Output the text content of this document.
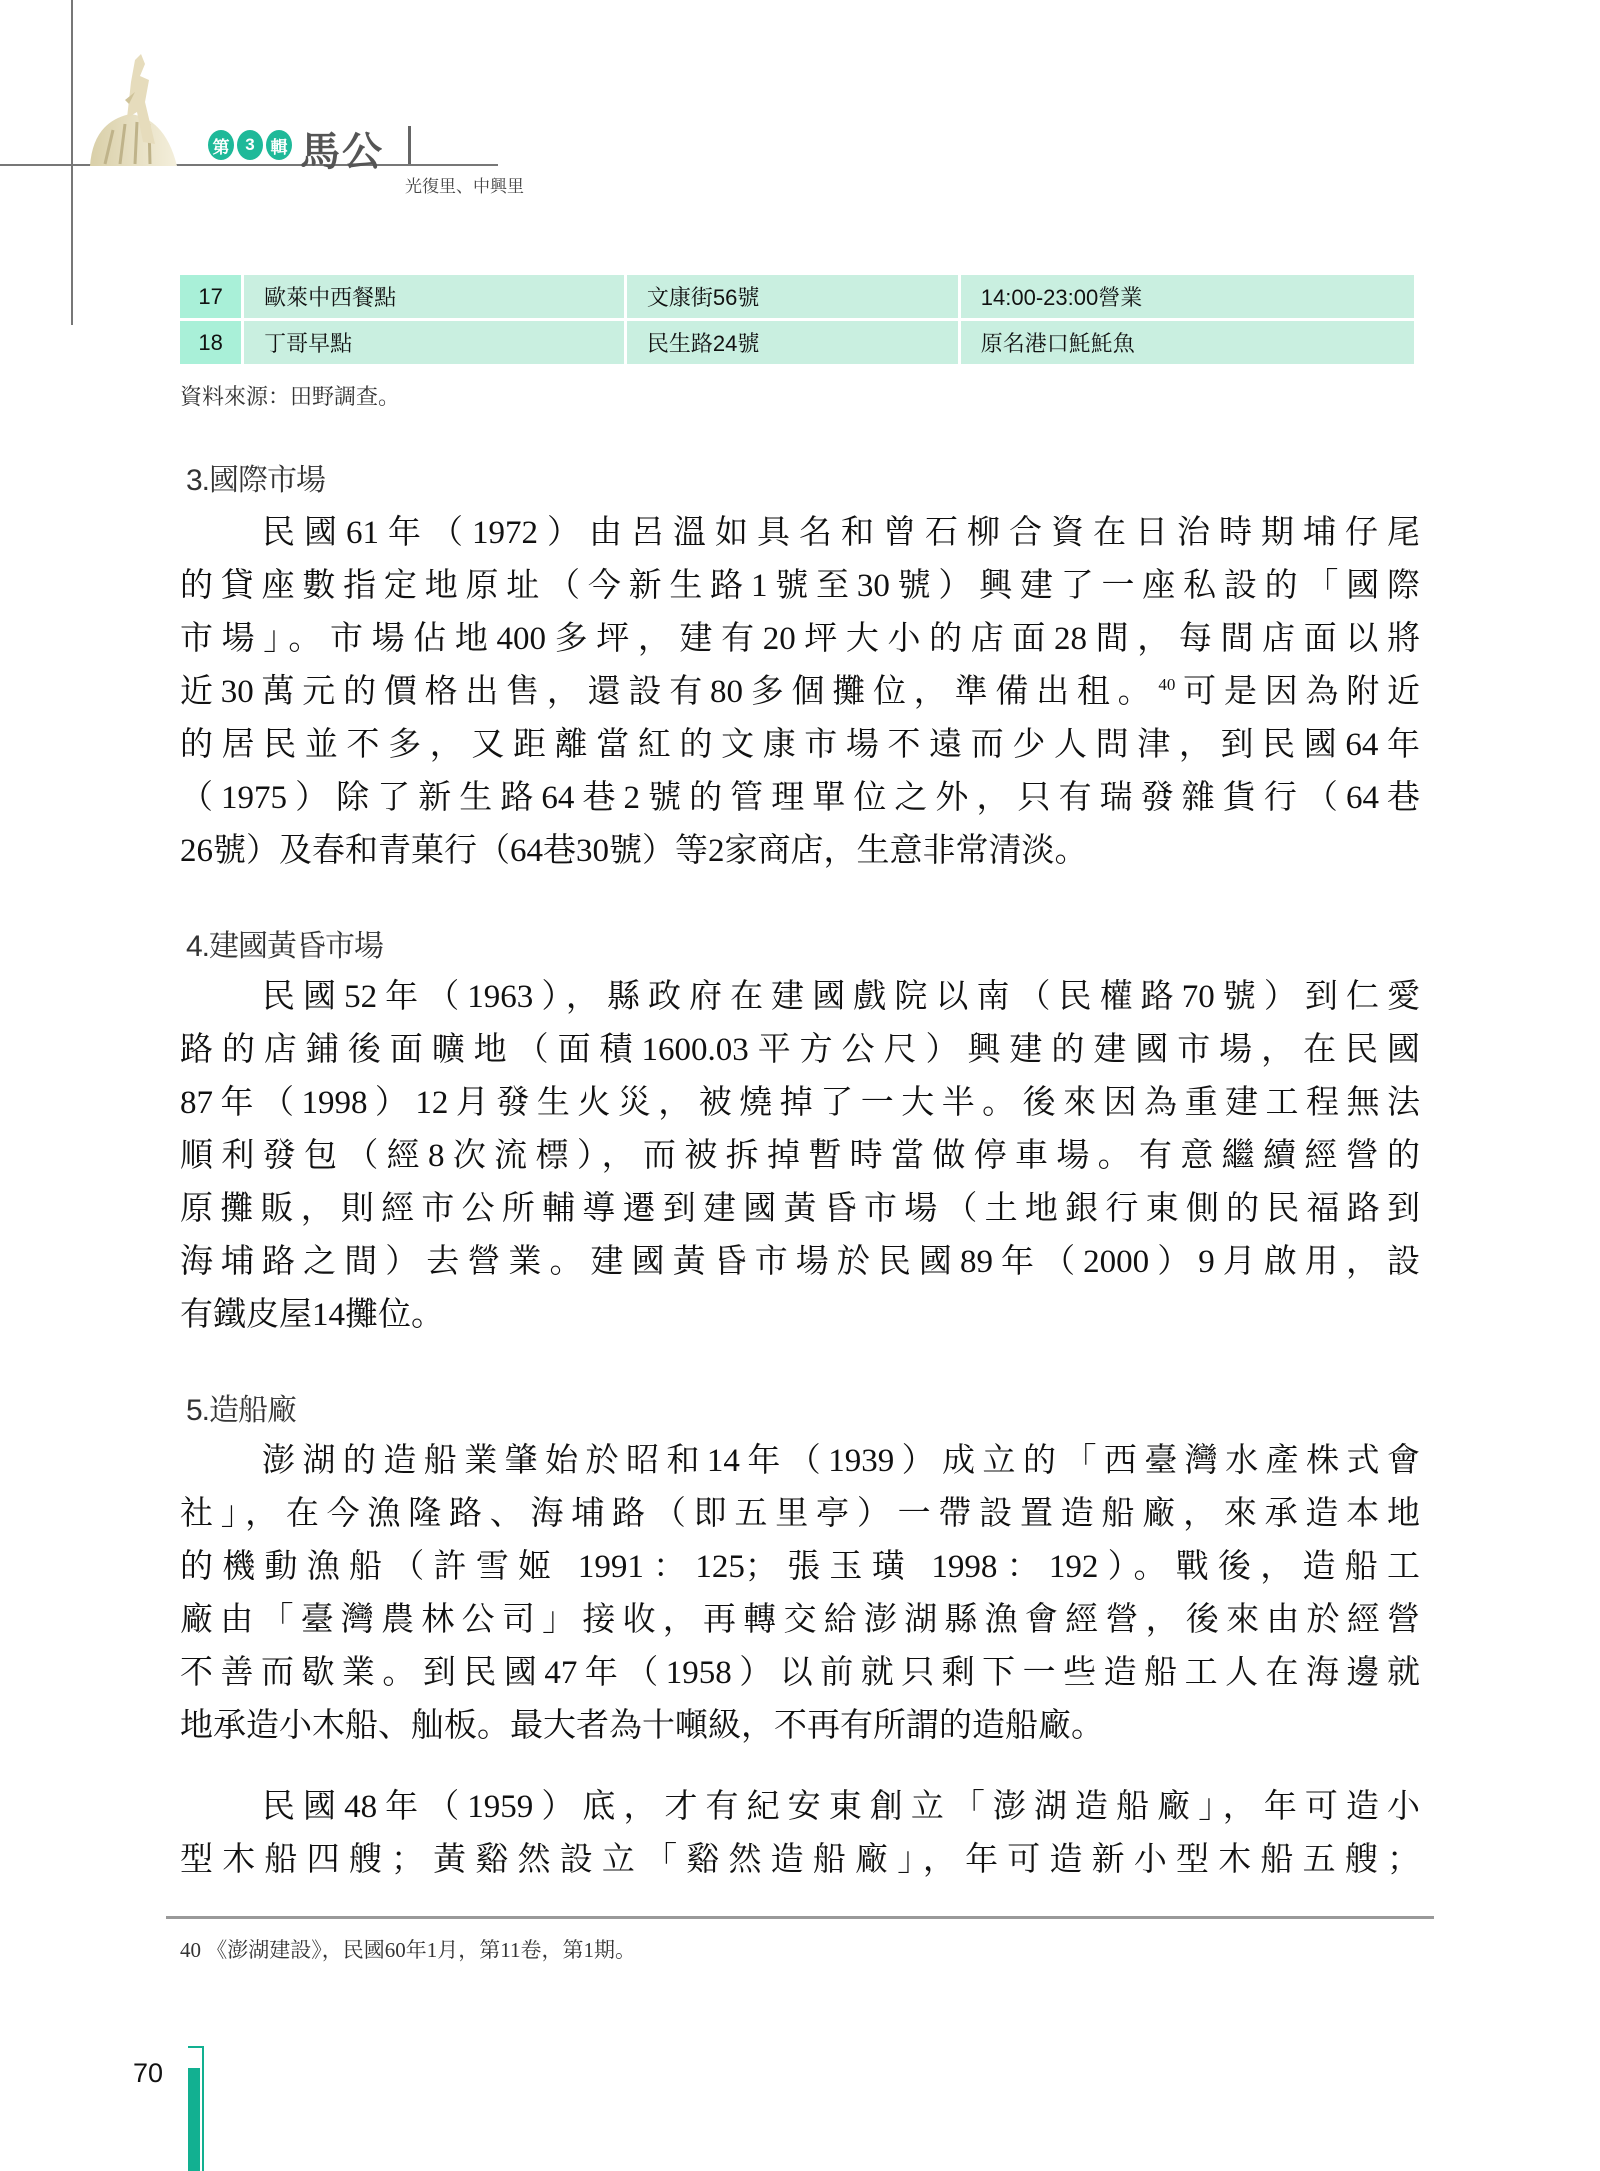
第 3 輯 馬公
光復里、中興里
17	歐萊中西餐點	文康街56號	14:00-23:00營業
18	丁哥早點	民生路24號	原名港口魠魠魚
資料來源：田野調查。
3.國際市場
民國61年（1972）由呂溫如具名和曾石柳合資在日治時期埔仔尾
的貸座數指定地原址（今新生路1號至30號）興建了一座私設的「國際
市場」。市場佔地400多坪，建有20坪大小的店面28間，每間店面以將
近30萬元的價格出售，還設有80多個攤位，準備出租。$^{40}$可是因為附近
的居民並不多，又距離當紅的文康市場不遠而少人問津，到民國64年
（1975）除了新生路64巷2號的管理單位之外，只有瑞發雜貨行（64巷
26號）及春和青菓行（64巷30號）等2家商店，生意非常清淡。
4.建國黃昏市場
民國52年（1963），縣政府在建國戲院以南（民權路70號）到仁愛
路的店鋪後面曠地（面積1600.03平方公尺）興建的建國市場，在民國
87年（1998）12月發生火災，被燒掉了一大半。後來因為重建工程無法
順利發包（經8次流標），而被拆掉暫時當做停車場。有意繼續經營的
原攤販，則經市公所輔導遷到建國黃昏市場（土地銀行東側的民福路到
海埔路之間）去營業。建國黃昏市場於民國89年（2000）9月啟用，設
有鐵皮屋14攤位。
5.造船廠
澎湖的造船業肇始於昭和14年（1939）成立的「西臺灣水產株式會
社」，在今漁隆路、海埔路（即五里亭）一帶設置造船廠，來承造本地
的機動漁船（許雪姬 1991：125；張玉璜 1998：192）。戰後，造船工
廠由「臺灣農林公司」接收，再轉交給澎湖縣漁會經營，後來由於經營
不善而歇業。到民國47年（1958）以前就只剩下一些造船工人在海邊就
地承造小木船、舢板。最大者為十噸級，不再有所謂的造船廠。
民國48年（1959）底，才有紀安東創立「澎湖造船廠」，年可造小
型木船四艘；黃谿然設立「谿然造船廠」，年可造新小型木船五艘；
40 《澎湖建設》，民國60年1月，第11卷，第1期。
70
